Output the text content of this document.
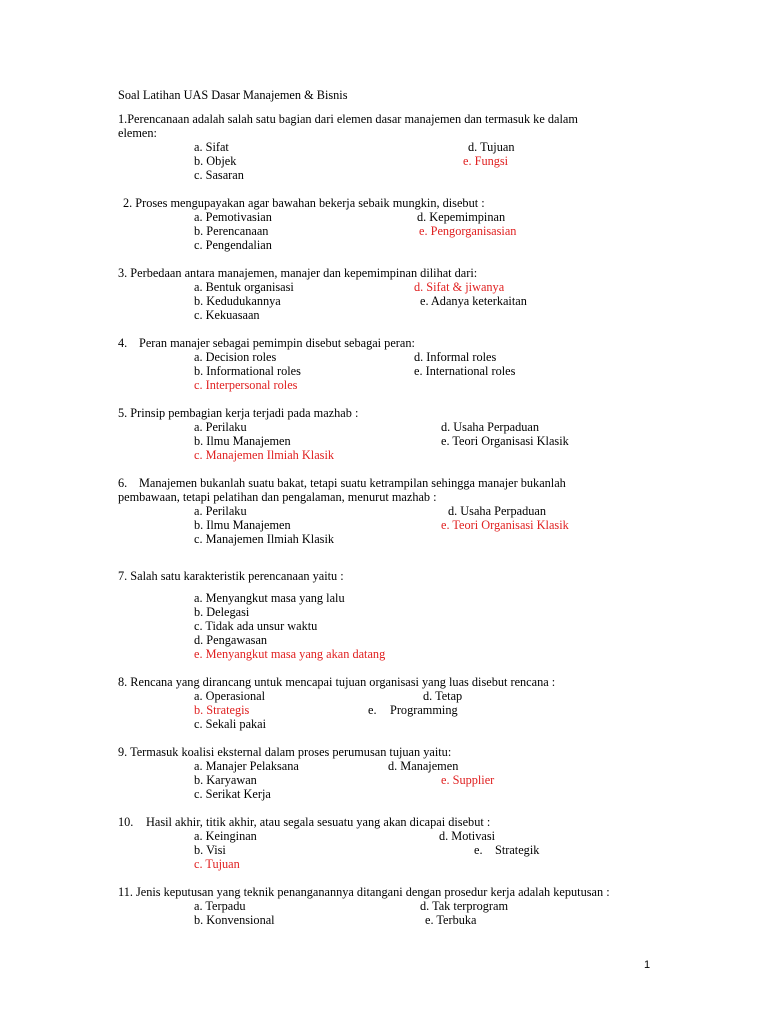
Soal Latihan UAS Dasar Manajemen & Bisnis
1.Perencanaan adalah salah satu bagian dari elemen dasar manajemen dan termasuk ke dalam
elemen:
a. Sifat
b. Objek
c. Sasaran
d. Tujuan
e. Fungsi
2. Proses mengupayakan agar bawahan bekerja sebaik mungkin, disebut :
a. Pemotivasian
b. Perencanaan
c. Pengendalian
d. Kepemimpinan
e. Pengorganisasian
3. Perbedaan antara manajemen, manajer dan kepemimpinan dilihat dari:
a. Bentuk organisasi
b. Kedudukannya
c. Kekuasaan
d. Sifat & jiwanya
e. Adanya keterkaitan
4. Peran manajer sebagai pemimpin disebut sebagai peran:
a. Decision roles
b. Informational roles
c. Interpersonal roles
d. Informal roles
e. International roles
5. Prinsip pembagian kerja terjadi pada mazhab :
a. Perilaku
b. Ilmu Manajemen
c. Manajemen Ilmiah Klasik
d. Usaha Perpaduan
e. Teori Organisasi Klasik
6. Manajemen bukanlah suatu bakat, tetapi suatu ketrampilan sehingga manajer bukanlah
pembawaan, tetapi pelatihan dan pengalaman, menurut mazhab :
a. Perilaku
b. Ilmu Manajemen
c. Manajemen Ilmiah Klasik
d. Usaha Perpaduan
e. Teori Organisasi Klasik
7. Salah satu karakteristik perencanaan yaitu :
a. Menyangkut masa yang lalu
b. Delegasi
c. Tidak ada unsur waktu
d. Pengawasan
e. Menyangkut masa yang akan datang
8. Rencana yang dirancang untuk mencapai tujuan organisasi yang luas disebut rencana :
a. Operasional
b. Strategis
c. Sekali pakai
d. Tetap
e. Programming
9. Termasuk koalisi eksternal dalam proses perumusan tujuan yaitu:
a. Manajer Pelaksana
b. Karyawan
c. Serikat Kerja
d. Manajemen
e. Supplier
10. Hasil akhir, titik akhir, atau segala sesuatu yang akan dicapai disebut :
a. Keinginan
b. Visi
c. Tujuan
d. Motivasi
e. Strategik
11. Jenis keputusan yang teknik penanganannya ditangani dengan prosedur kerja adalah keputusan :
a. Terpadu
b. Konvensional
d. Tak terprogram
e. Terbuka
1
